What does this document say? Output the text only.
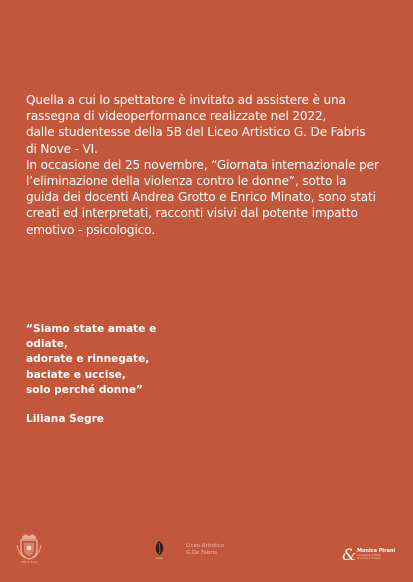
Quella a cui lo spettatore è invitato ad assistere è una

rassegna di videoperformance realizzate nel 2022,

dalle studentesse della 5B del Liceo Artistico G. De Fabris

di Nove - VI.

In occasione del 25 novembre, “Giornata internazionale per

l’eliminazione della violenza contro le donne”, sotto la

guida dei docenti Andrea Grotto e Enrico Minato, sono stati

creati ed interpretati, racconti visivi dal potente impatto

emotivo - psicologico.

“Siamo state amate e

odiate,

adorate e rinnegate,

baciate e uccise,

solo perché donne”

Liliana Segre
Città di Nove
Liceo
Liceo Artistico
G.De Fabris	& Monica Pirani
Consigliera di Parità
Provincia di Vicenza
